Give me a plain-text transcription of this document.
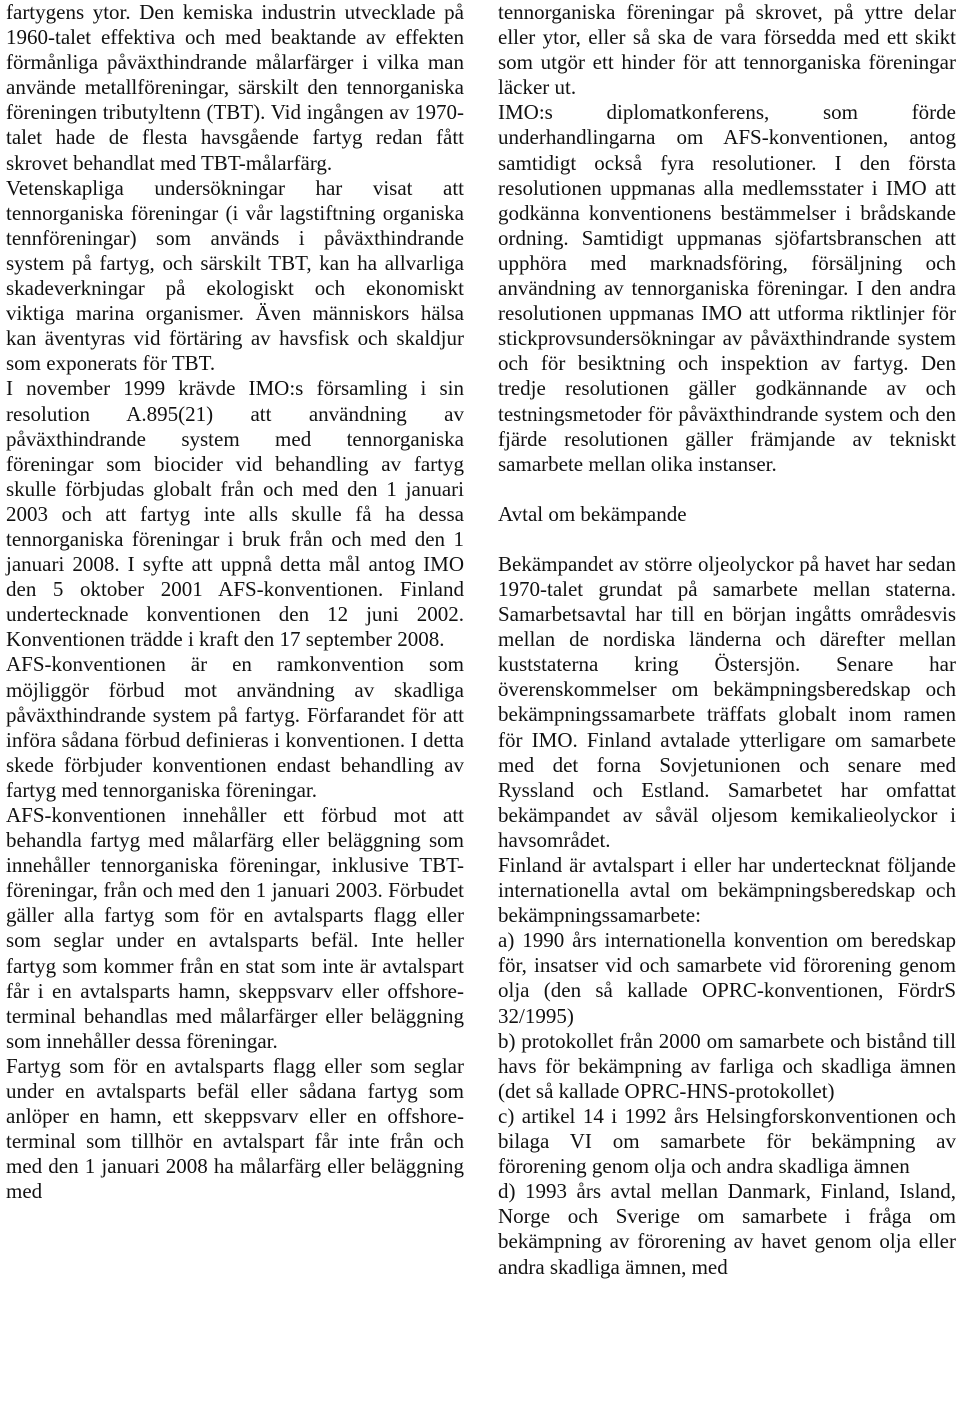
fartygens ytor. Den kemiska industrin utvecklade på 1960-talet effektiva och med beaktande av effekten förmånliga påväxthindrande målarfärger i vilka man använde metallföreningar, särskilt den tennorganiska föreningen tributyltenn (TBT). Vid ingången av 1970-talet hade de flesta havsgående fartyg redan fått skrovet behandlat med TBT-målarfärg.

Vetenskapliga undersökningar har visat att tennorganiska föreningar (i vår lagstiftning organiska tennföreningar) som används i påväxthindrande system på fartyg, och särskilt TBT, kan ha allvarliga skadeverkningar på ekologiskt och ekonomiskt viktiga marina organismer. Även människors hälsa kan äventyras vid förtäring av havsfisk och skaldjur som exponerats för TBT.

I november 1999 krävde IMO:s församling i sin resolution A.895(21) att användning av påväxthindrande system med tennorganiska föreningar som biocider vid behandling av fartyg skulle förbjudas globalt från och med den 1 januari 2003 och att fartyg inte alls skulle få ha dessa tennorganiska föreningar i bruk från och med den 1 januari 2008. I syfte att uppnå detta mål antog IMO den 5 oktober 2001 AFS-konventionen. Finland undertecknade konventionen den 12 juni 2002. Konventionen trädde i kraft den 17 september 2008.

AFS-konventionen är en ramkonvention som möjliggör förbud mot användning av skadliga påväxthindrande system på fartyg. Förfarandet för att införa sådana förbud definieras i konventionen. I detta skede förbjuder konventionen endast behandling av fartyg med tennorganiska föreningar.

AFS-konventionen innehåller ett förbud mot att behandla fartyg med målarfärg eller beläggning som innehåller tennorganiska föreningar, inklusive TBT-föreningar, från och med den 1 januari 2003. Förbudet gäller alla fartyg som för en avtalsparts flagg eller som seglar under en avtalsparts befäl. Inte heller fartyg som kommer från en stat som inte är avtalspart får i en avtalsparts hamn, skeppsvarv eller offshore-terminal behandlas med målarfärger eller beläggning som innehåller dessa föreningar.

Fartyg som för en avtalsparts flagg eller som seglar under en avtalsparts befäl eller sådana fartyg som anlöper en hamn, ett skeppsvarv eller en offshore-terminal som tillhör en avtalspart får inte från och med den 1 januari 2008 ha målarfärg eller beläggning med

tennorganiska föreningar på skrovet, på yttre delar eller ytor, eller så ska de vara försedda med ett skikt som utgör ett hinder för att tennorganiska föreningar läcker ut.

IMO:s diplomatkonferens, som förde underhandlingarna om AFS-konventionen, antog samtidigt också fyra resolutioner. I den första resolutionen uppmanas alla medlemsstater i IMO att godkänna konventionens bestämmelser i brådskande ordning. Samtidigt uppmanas sjöfartsbranschen att upphöra med marknadsföring, försäljning och användning av tennorganiska föreningar. I den andra resolutionen uppmanas IMO att utforma riktlinjer för stickprovsundersökningar av påväxthindrande system och för besiktning och inspektion av fartyg. Den tredje resolutionen gäller godkännande av och testningsmetoder för påväxthindrande system och den fjärde resolutionen gäller främjande av tekniskt samarbete mellan olika instanser.

Avtal om bekämpande

Bekämpandet av större oljeolyckor på havet har sedan 1970-talet grundat på samarbete mellan staterna. Samarbetsavtal har till en början ingåtts områdesvis mellan de nordiska länderna och därefter mellan kuststaterna kring Östersjön. Senare har överenskommelser om bekämpningsberedskap och bekämpningssamarbete träffats globalt inom ramen för IMO. Finland avtalade ytterligare om samarbete med det forna Sovjetunionen och senare med Ryssland och Estland. Samarbetet har omfattat bekämpandet av såväl oljesom kemikalieolyckor i havsområdet.

Finland är avtalspart i eller har undertecknat följande internationella avtal om bekämpningsberedskap och bekämpningssamarbete:

a) 1990 års internationella konvention om beredskap för, insatser vid och samarbete vid förorening genom olja (den så kallade OPRC-konventionen, FördrS 32/1995)

b) protokollet från 2000 om samarbete och bistånd till havs för bekämpning av farliga och skadliga ämnen (det så kallade OPRC-HNS-protokollet)

c) artikel 14 i 1992 års Helsingforskonventionen och bilaga VI om samarbete för bekämpning av förorening genom olja och andra skadliga ämnen

d) 1993 års avtal mellan Danmark, Finland, Island, Norge och Sverige om samarbete i fråga om bekämpning av förorening av havet genom olja eller andra skadliga ämnen, med
